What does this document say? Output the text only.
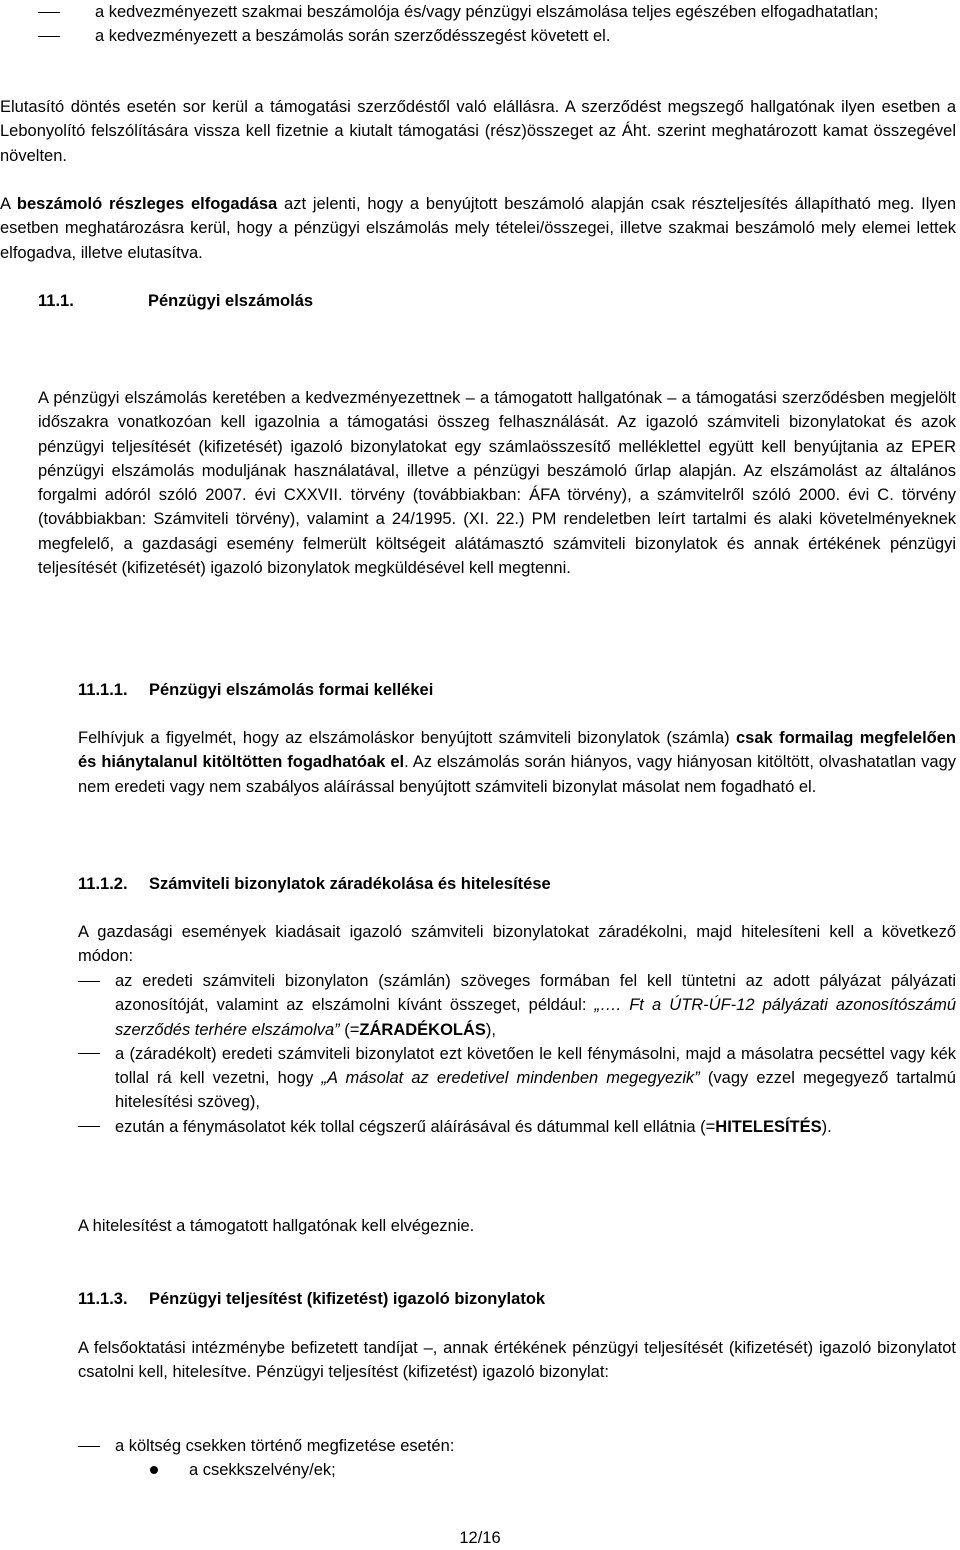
a kedvezményezett szakmai beszámolója és/vagy pénzügyi elszámolása teljes egészében elfogadhatatlan;
a kedvezményezett a beszámolás során szerződésszegést követett el.

Elutasító döntés esetén sor kerül a támogatási szerződéstől való elállásra. A szerződést megszegő hallgatónak ilyen esetben a Lebonyolító felszólítására vissza kell fizetnie a kiutalt támogatási (rész)összeget az Áht. szerint meghatározott kamat összegével növelten.

A beszámoló részleges elfogadása azt jelenti, hogy a benyújtott beszámoló alapján csak részteljesítés állapítható meg. Ilyen esetben meghatározásra kerül, hogy a pénzügyi elszámolás mely tételei/összegei, illetve szakmai beszámoló mely elemei lettek elfogadva, illetve elutasítva.

11.1.	Pénzügyi elszámolás

A pénzügyi elszámolás keretében a kedvezményezettnek – a támogatott hallgatónak – a támogatási szerződésben megjelölt időszakra vonatkozóan kell igazolnia a támogatási összeg felhasználását. Az igazoló számviteli bizonylatokat és azok pénzügyi teljesítését (kifizetését) igazoló bizonylatokat egy számlaösszesítő melléklettel együtt kell benyújtania az EPER pénzügyi elszámolás moduljának használatával, illetve a pénzügyi beszámoló űrlap alapján. Az elszámolást az általános forgalmi adóról szóló 2007. évi CXXVII. törvény (továbbiakban: ÁFA törvény), a számvitelről szóló 2000. évi C. törvény (továbbiakban: Számviteli törvény), valamint a 24/1995. (XI. 22.) PM rendeletben leírt tartalmi és alaki követelményeknek megfelelő, a gazdasági esemény felmerült költségeit alátámasztó számviteli bizonylatok és annak értékének pénzügyi teljesítését (kifizetését) igazoló bizonylatok megküldésével kell megtenni.

11.1.1. Pénzügyi elszámolás formai kellékei

Felhívjuk a figyelmét, hogy az elszámoláskor benyújtott számviteli bizonylatok (számla) csak formailag megfelelően és hiánytalanul kitöltötten fogadhatóak el. Az elszámolás során hiányos, vagy hiányosan kitöltött, olvashatatlan vagy nem eredeti vagy nem szabályos aláírással benyújtott számviteli bizonylat másolat nem fogadható el.

11.1.2. Számviteli bizonylatok záradékolása és hitelesítése

A gazdasági események kiadásait igazoló számviteli bizonylatokat záradékolni, majd hitelesíteni kell a következő módon:

az eredeti számviteli bizonylaton (számlán) szöveges formában fel kell tüntetni az adott pályázat pályázati azonosítóját, valamint az elszámolni kívánt összeget, például: „…. Ft a ÚTR-ÚF-12 pályázati azonosítószámú szerződés terhére elszámolva” (=ZÁRADÉKOLÁS),
a (záradékolt) eredeti számviteli bizonylatot ezt követően le kell fénymásolni, majd a másolatra pecséttel vagy kék tollal rá kell vezetni, hogy „A másolat az eredetivel mindenben megegyezik” (vagy ezzel megegyező tartalmú hitelesítési szöveg),
ezután a fénymásolatot kék tollal cégszerű aláírásával és dátummal kell ellátnia (=HITELESÍTÉS).

A hitelesítést a támogatott hallgatónak kell elvégeznie.

11.1.3. Pénzügyi teljesítést (kifizetést) igazoló bizonylatok

A felsőoktatási intézménybe befizetett tandíjat –, annak értékének pénzügyi teljesítését (kifizetését) igazoló bizonylatot csatolni kell, hitelesítve. Pénzügyi teljesítést (kifizetést) igazoló bizonylat:

a költség csekken történő megfizetése esetén:
a csekkszelvény/ek;
12/16
